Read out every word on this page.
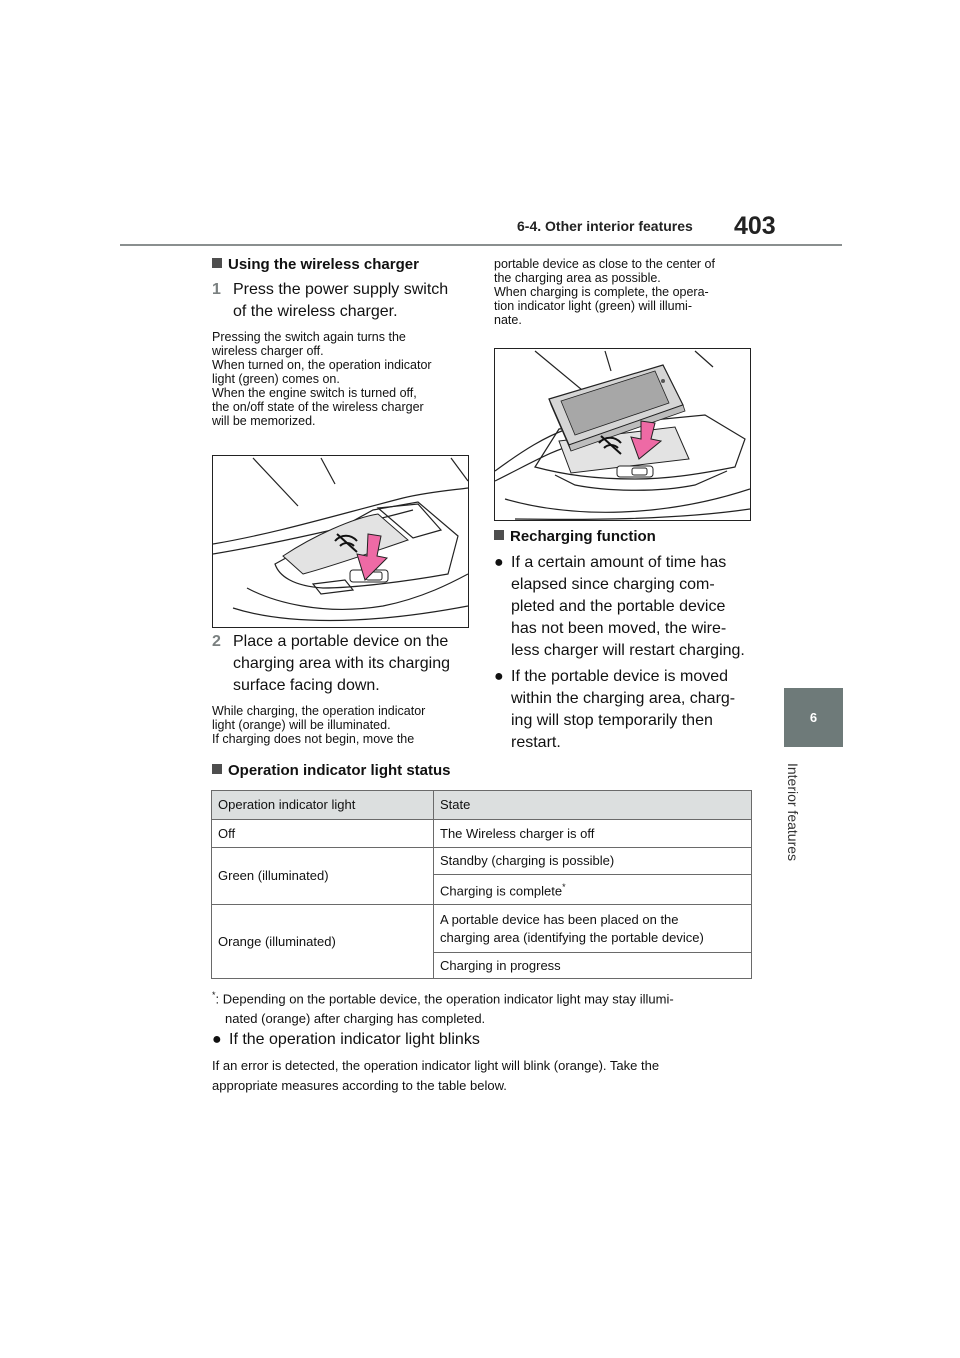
6-4. Other interior features 403
6
Interior features
Using the wireless charger
1 Press the power supply switch of the wireless charger.
Pressing the switch again turns the
wireless charger off.
When turned on, the operation indicator
light (green) comes on.
When the engine switch is turned off,
the on/off state of the wireless charger
will be memorized.
2 Place a portable device on the charging area with its charging surface facing down.
While charging, the operation indicator
light (orange) will be illuminated.
If charging does not begin, move the
portable device as close to the center of
the charging area as possible.
When charging is complete, the opera-
tion indicator light (green) will illumi-
nate.
Recharging function
● If a certain amount of time has elapsed since charging com- pleted and the portable device has not been moved, the wire- less charger will restart charging.
● If the portable device is moved within the charging area, charg- ing will stop temporarily then restart.
Operation indicator light status
Operation indicator light	State
Off	The Wireless charger is off
Green (illuminated)	Standby (charging is possible)
	Charging is complete*
Orange (illuminated)	A portable device has been placed on the
charging area (identifying the portable device)

	Charging in progress
*: Depending on the portable device, the operation indicator light may stay illumi-
nated (orange) after charging has completed.
● If the operation indicator light blinks
If an error is detected, the operation indicator light will blink (orange). Take the
appropriate measures according to the table below.
